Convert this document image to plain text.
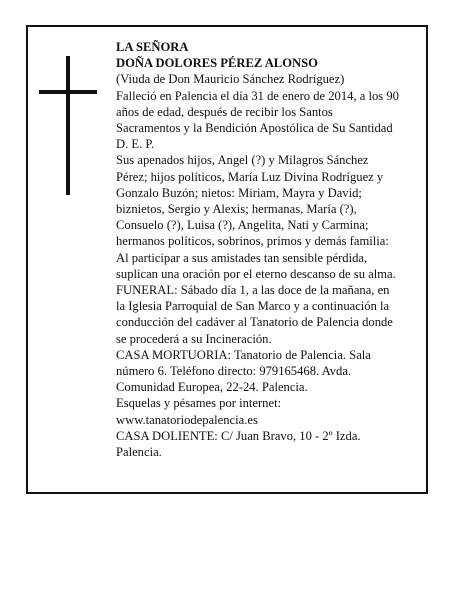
LA SEÑORA
DOÑA DOLORES PÉREZ ALONSO
(Viuda de Don Mauricio Sánchez Rodríguez)
Falleció en Palencia el día 31 de enero de 2014, a los 90
años de edad, después de recibir los Santos
Sacramentos y la Bendición Apostólica de Su Santidad
D. E. P.
Sus apenados hijos, Angel (?) y Milagros Sánchez
Pérez; hijos políticos, María Luz Divina Rodríguez y
Gonzalo Buzón; nietos: Miriam, Mayra y David;
biznietos, Sergio y Alexis; hermanas, María (?),
Consuelo (?), Luisa (?), Angelita, Nati y Carmina;
hermanos políticos, sobrinos, primos y demás familia:
Al participar a sus amistades tan sensible pérdida,
suplican una oración por el eterno descanso de su alma.
FUNERAL: Sábado día 1, a las doce de la mañana, en
la Iglesia Parroquial de San Marco y a continuación la
conducción del cadáver al Tanatorio de Palencia donde
se procederá a su Incineración.
CASA MORTUORIA: Tanatorio de Palencia. Sala
número 6. Teléfono directo: 979165468. Avda.
Comunidad Europea, 22-24. Palencia.
Esquelas y pésames por internet:
www.tanatoriodepalencia.es
CASA DOLIENTE: C/ Juan Bravo, 10 - 2º Izda.
Palencia.
